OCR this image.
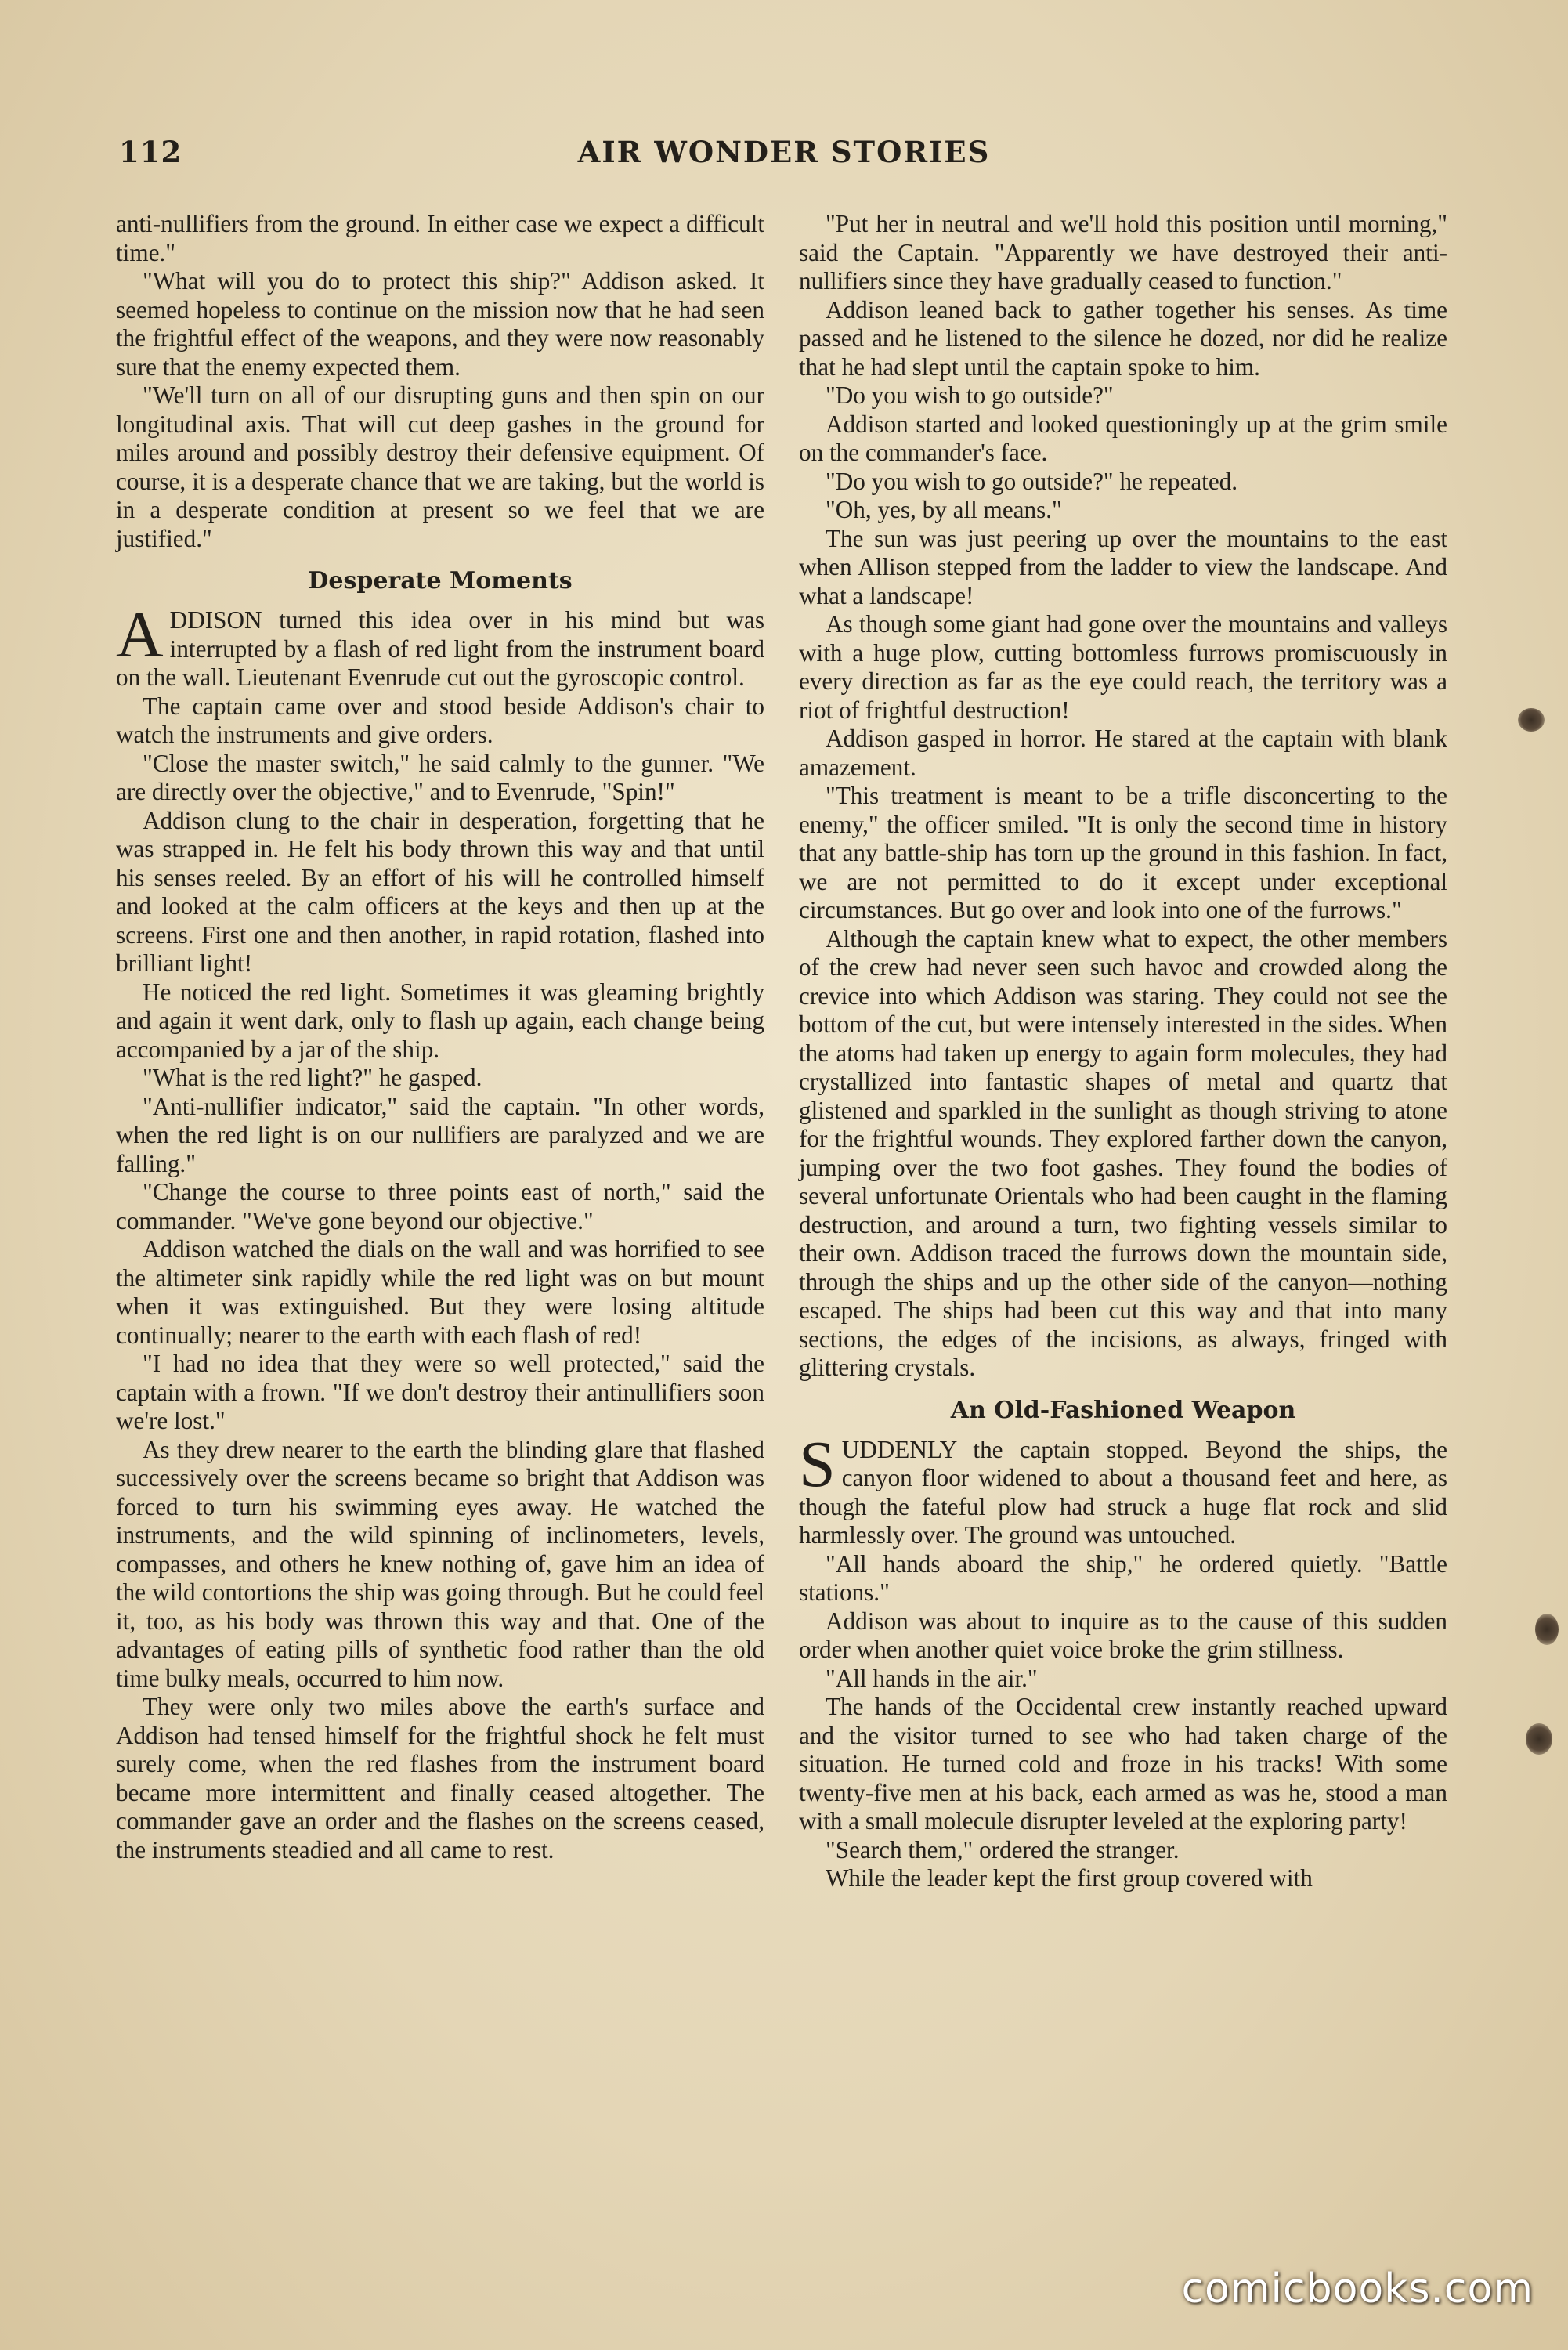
112	AIR WONDER STORIES

anti-nullifiers from the ground. In either case we expect a difficult time."

"What will you do to protect this ship?" Addison asked. It seemed hopeless to continue on the mission now that he had seen the frightful effect of the weapons, and they were now reasonably sure that the enemy expected them.

"We'll turn on all of our disrupting guns and then spin on our longitudinal axis. That will cut deep gashes in the ground for miles around and possibly destroy their defensive equipment. Of course, it is a desperate chance that we are taking, but the world is in a desperate condition at present so we feel that we are justified."

Desperate Moments

ADDISON turned this idea over in his mind but was interrupted by a flash of red light from the instrument board on the wall. Lieutenant Evenrude cut out the gyroscopic control.

The captain came over and stood beside Addison's chair to watch the instruments and give orders.

"Close the master switch," he said calmly to the gunner. "We are directly over the objective," and to Evenrude, "Spin!"

Addison clung to the chair in desperation, forgetting that he was strapped in. He felt his body thrown this way and that until his senses reeled. By an effort of his will he controlled himself and looked at the calm officers at the keys and then up at the screens. First one and then another, in rapid rotation, flashed into brilliant light!

He noticed the red light. Sometimes it was gleaming brightly and again it went dark, only to flash up again, each change being accompanied by a jar of the ship.

"What is the red light?" he gasped.

"Anti-nullifier indicator," said the captain. "In other words, when the red light is on our nullifiers are paralyzed and we are falling."

"Change the course to three points east of north," said the commander. "We've gone beyond our objective."

Addison watched the dials on the wall and was horrified to see the altimeter sink rapidly while the red light was on but mount when it was extinguished. But they were losing altitude continually; nearer to the earth with each flash of red!

"I had no idea that they were so well protected," said the captain with a frown. "If we don't destroy their antinullifiers soon we're lost."

As they drew nearer to the earth the blinding glare that flashed successively over the screens became so bright that Addison was forced to turn his swimming eyes away. He watched the instruments, and the wild spinning of inclinometers, levels, compasses, and others he knew nothing of, gave him an idea of the wild contortions the ship was going through. But he could feel it, too, as his body was thrown this way and that. One of the advantages of eating pills of synthetic food rather than the old time bulky meals, occurred to him now.

They were only two miles above the earth's surface and Addison had tensed himself for the frightful shock he felt must surely come, when the red flashes from the instrument board became more intermittent and finally ceased altogether. The commander gave an order and the flashes on the screens ceased, the instruments steadied and all came to rest.

"Put her in neutral and we'll hold this position until morning," said the Captain. "Apparently we have destroyed their anti-nullifiers since they have gradually ceased to function."

Addison leaned back to gather together his senses. As time passed and he listened to the silence he dozed, nor did he realize that he had slept until the captain spoke to him.

"Do you wish to go outside?"

Addison started and looked questioningly up at the grim smile on the commander's face.

"Do you wish to go outside?" he repeated.

"Oh, yes, by all means."

The sun was just peering up over the mountains to the east when Allison stepped from the ladder to view the landscape. And what a landscape!

As though some giant had gone over the mountains and valleys with a huge plow, cutting bottomless furrows promiscuously in every direction as far as the eye could reach, the territory was a riot of frightful destruction!

Addison gasped in horror. He stared at the captain with blank amazement.

"This treatment is meant to be a trifle disconcerting to the enemy," the officer smiled. "It is only the second time in history that any battle-ship has torn up the ground in this fashion. In fact, we are not permitted to do it except under exceptional circumstances. But go over and look into one of the furrows."

Although the captain knew what to expect, the other members of the crew had never seen such havoc and crowded along the crevice into which Addison was staring. They could not see the bottom of the cut, but were intensely interested in the sides. When the atoms had taken up energy to again form molecules, they had crystallized into fantastic shapes of metal and quartz that glistened and sparkled in the sunlight as though striving to atone for the frightful wounds. They explored farther down the canyon, jumping over the two foot gashes. They found the bodies of several unfortunate Orientals who had been caught in the flaming destruction, and around a turn, two fighting vessels similar to their own. Addison traced the furrows down the mountain side, through the ships and up the other side of the canyon—nothing escaped. The ships had been cut this way and that into many sections, the edges of the incisions, as always, fringed with glittering crystals.

An Old-Fashioned Weapon

SUDDENLY the captain stopped. Beyond the ships, the canyon floor widened to about a thousand feet and here, as though the fateful plow had struck a huge flat rock and slid harmlessly over. The ground was untouched.

"All hands aboard the ship," he ordered quietly. "Battle stations."

Addison was about to inquire as to the cause of this sudden order when another quiet voice broke the grim stillness.

"All hands in the air."

The hands of the Occidental crew instantly reached upward and the visitor turned to see who had taken charge of the situation. He turned cold and froze in his tracks! With some twenty-five men at his back, each armed as was he, stood a man with a small molecule disrupter leveled at the exploring party!

"Search them," ordered the stranger.

While the leader kept the first group covered with

comicbooks.com
